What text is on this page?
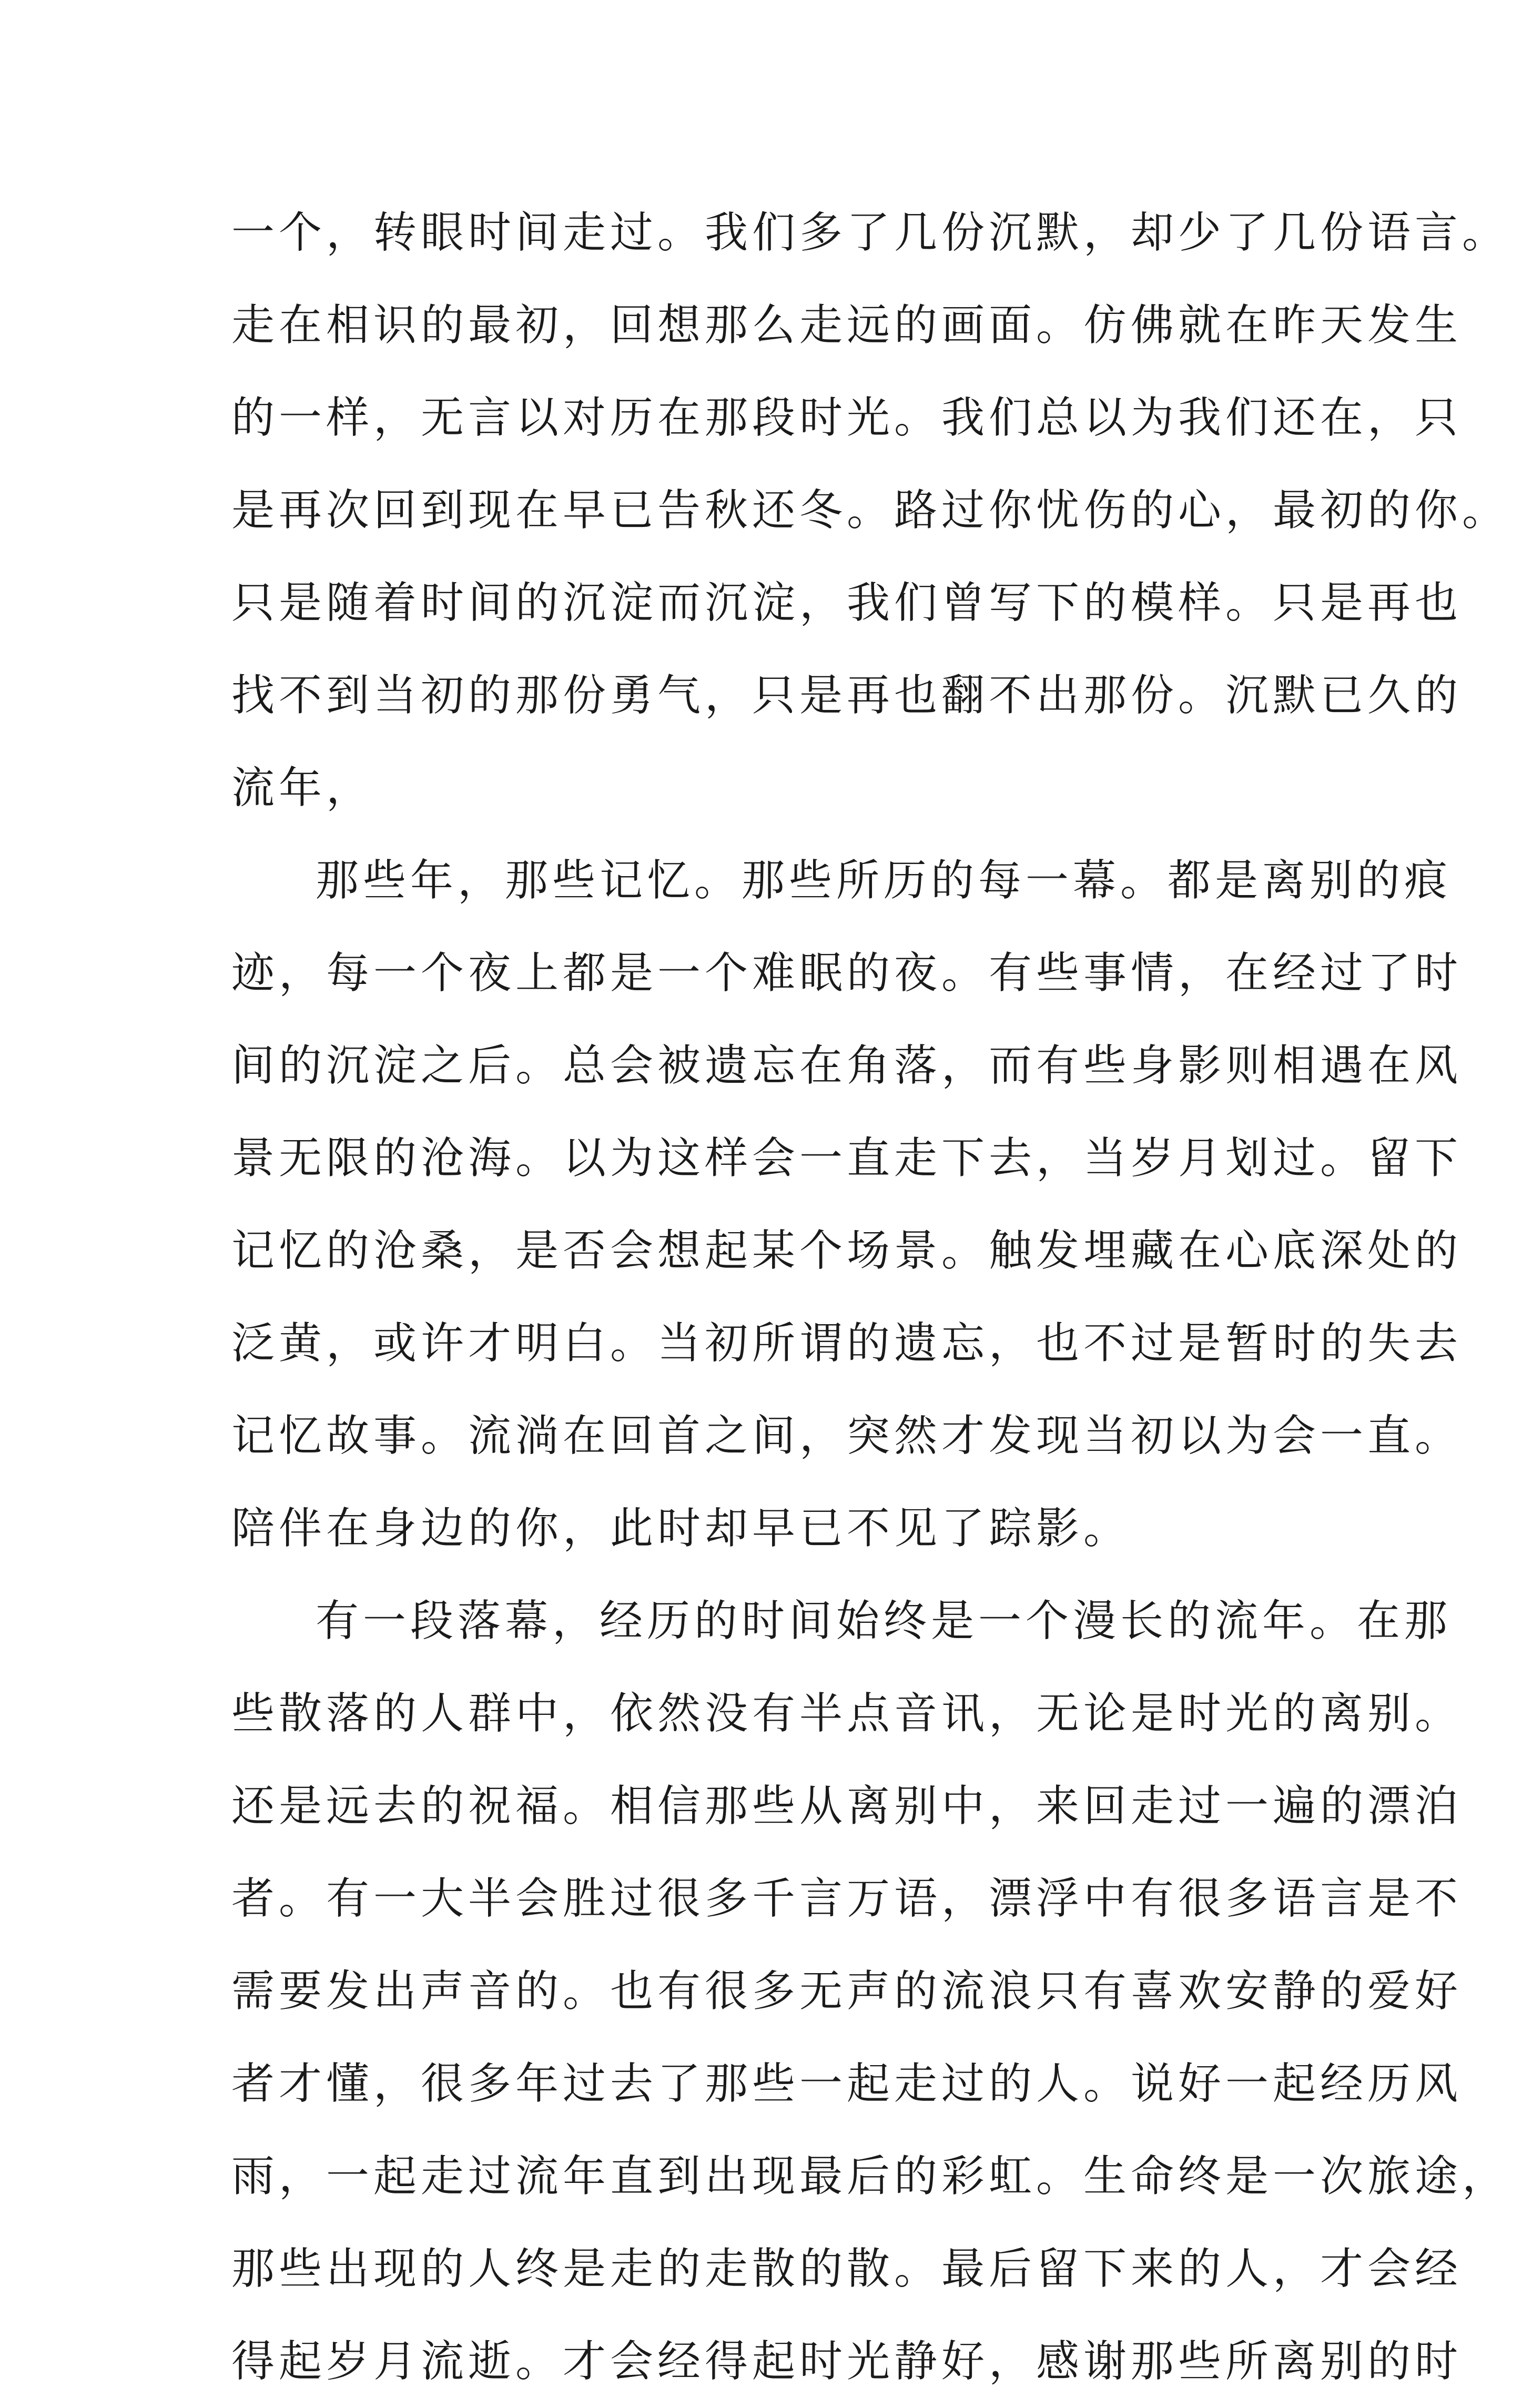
一个，转眼时间走过。我们多了几份沉默，却少了几份语言。
走在相识的最初，回想那么走远的画面。仿佛就在昨天发生
的一样，无言以对历在那段时光。我们总以为我们还在，只
是再次回到现在早已告秋还冬。路过你忧伤的心，最初的你。
只是随着时间的沉淀而沉淀，我们曾写下的模样。只是再也
找不到当初的那份勇气，只是再也翻不出那份。沉默已久的
流年，
那些年，那些记忆。那些所历的每一幕。都是离别的痕
迹，每一个夜上都是一个难眠的夜。有些事情，在经过了时
间的沉淀之后。总会被遗忘在角落，而有些身影则相遇在风
景无限的沧海。以为这样会一直走下去，当岁月划过。留下
记忆的沧桑，是否会想起某个场景。触发埋藏在心底深处的
泛黄，或许才明白。当初所谓的遗忘，也不过是暂时的失去
记忆故事。流淌在回首之间，突然才发现当初以为会一直。
陪伴在身边的你，此时却早已不见了踪影。
有一段落幕，经历的时间始终是一个漫长的流年。在那
些散落的人群中，依然没有半点音讯，无论是时光的离别。
还是远去的祝福。相信那些从离别中，来回走过一遍的漂泊
者。有一大半会胜过很多千言万语，漂浮中有很多语言是不
需要发出声音的。也有很多无声的流浪只有喜欢安静的爱好
者才懂，很多年过去了那些一起走过的人。说好一起经历风
雨，一起走过流年直到出现最后的彩虹。生命终是一次旅途，
那些出现的人终是走的走散的散。最后留下来的人，才会经
得起岁月流逝。才会经得起时光静好，感谢那些所离别的时
